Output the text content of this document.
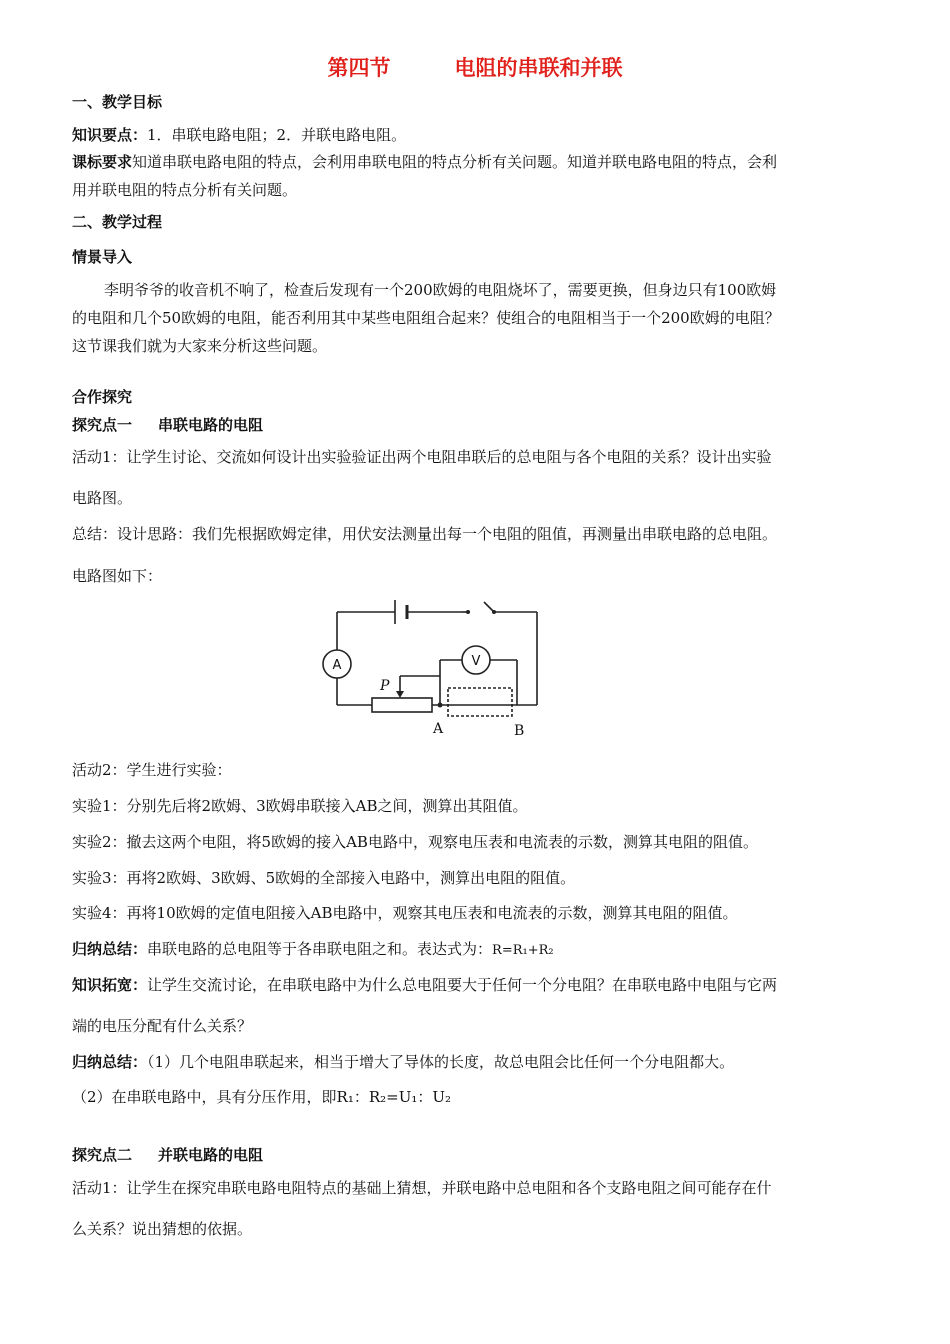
第四节	电阻的串联和并联
一、教学目标
知识要点：1．串联电路电阻；2．并联电路电阻。
课标要求知道串联电路电阻的特点，会利用串联电阻的特点分析有关问题。知道并联电路电阻的特点，会利
用并联电阻的特点分析有关问题。
二、教学过程
情景导入
李明爷爷的收音机不响了，检查后发现有一个200欧姆的电阻烧坏了，需要更换，但身边只有100欧姆
的电阻和几个50欧姆的电阻，能否利用其中某些电阻组合起来？使组合的电阻相当于一个200欧姆的电阻？
这节课我们就为大家来分析这些问题。
合作探究
探究点一 串联电路的电阻
活动1：让学生讨论、交流如何设计出实验验证出两个电阻串联后的总电阻与各个电阻的关系？设计出实验
电路图。
总结：设计思路：我们先根据欧姆定律，用伏安法测量出每一个电阻的阻值，再测量出串联电路的总电阻。
电路图如下：
A	V
P
A	B
活动2：学生进行实验：
实验1：分别先后将2欧姆、3欧姆串联接入AB之间，测算出其阻值。
实验2：撤去这两个电阻，将5欧姆的接入AB电路中，观察电压表和电流表的示数，测算其电阻的阻值。
实验3：再将2欧姆、3欧姆、5欧姆的全部接入电路中，测算出电阻的阻值。
实验4：再将10欧姆的定值电阻接入AB电路中，观察其电压表和电流表的示数，测算其电阻的阻值。
归纳总结：串联电路的总电阻等于各串联电阻之和。表达式为：R=R₁+R₂
知识拓宽：让学生交流讨论，在串联电路中为什么总电阻要大于任何一个分电阻？在串联电路中电阻与它两
端的电压分配有什么关系？
归纳总结：（1）几个电阻串联起来，相当于增大了导体的长度，故总电阻会比任何一个分电阻都大。
（2）在串联电路中，具有分压作用，即R₁：R₂=U₁：U₂
探究点二 并联电路的电阻
活动1：让学生在探究串联电路电阻特点的基础上猜想，并联电路中总电阻和各个支路电阻之间可能存在什
么关系？说出猜想的依据。
